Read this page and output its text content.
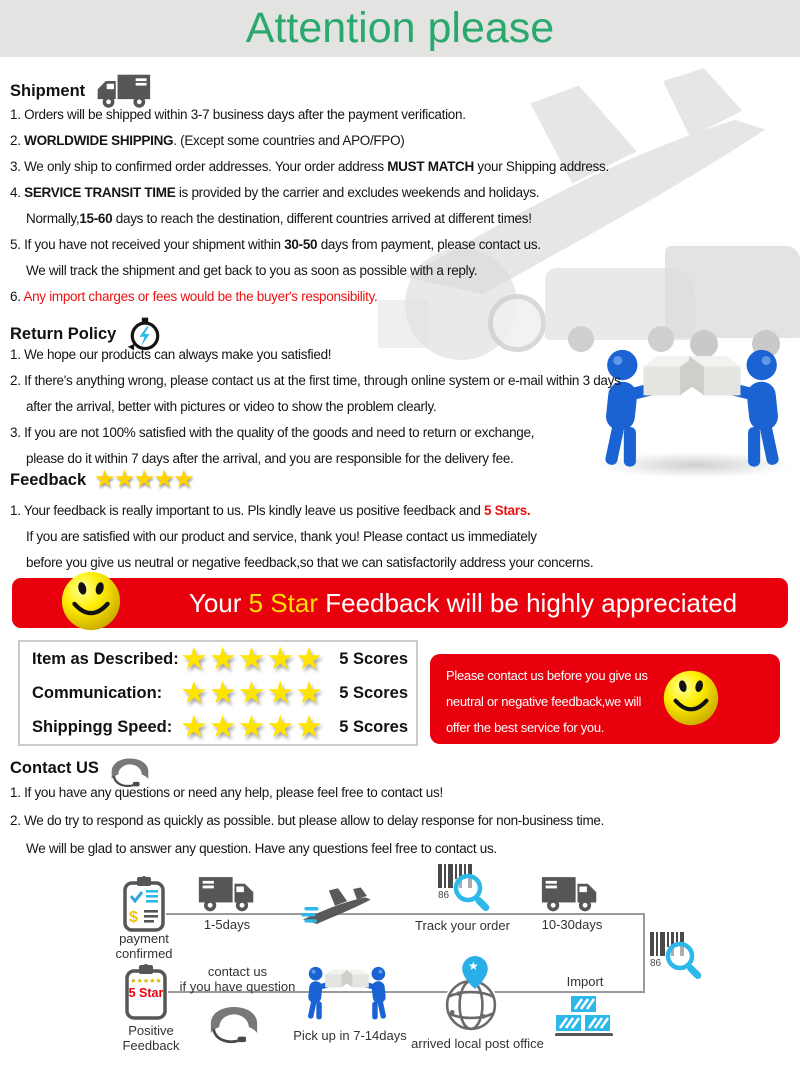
Attention please
Shipment
1. Orders will be shipped within 3-7 business days after the payment verification.
2. WORLDWIDE SHIPPING. (Except some countries and APO/FPO)
3. We only ship to confirmed order addresses. Your order address MUST MATCH your Shipping address.
4. SERVICE TRANSIT TIME is provided by the carrier and excludes weekends and holidays.
Normally,15-60 days to reach the destination, different countries arrived at different times!
5. If you have not received your shipment within 30-50 days from payment, please contact us.
We will track the shipment and get back to you as soon as possible with a reply.
6. Any import charges or fees would be the buyer's responsibility.
Return Policy
1. We hope our products can always make you satisfied!
2. If there's anything wrong, please contact us at the first time, through online system or e-mail within 3 days
after the arrival, better with pictures or video to show the problem clearly.
3. If you are not 100% satisfied with the quality of the goods and need to return or exchange,
please do it within 7 days after the arrival, and you are responsible for the delivery fee.
Feedback ★★★★★
1. Your feedback is really important to us. Pls kindly leave us positive feedback and 5 Stars.
If you are satisfied with our product and service, thank you! Please contact us immediately
before you give us neutral or negative feedback,so that we can satisfactorily address your concerns.
Your 5 Star Feedback will be highly appreciated
Item as Described: ★★★★★ 5 Scores
Communication: ★★★★★ 5 Scores
Shippingg Speed: ★★★★★ 5 Scores
Please contact us before you give us
neutral or negative feedback,we will
offer the best service for you.
Contact US
1. If you have any questions or need any help, please feel free to contact us!
2. We do try to respond as quickly as possible. but please allow to delay response for non-business time.
We will be glad to answer any question. Have any questions feel free to contact us.
$
payment
confirmed
1-5days
86
Track your order	10-30days
86
★★★★★
5 Star
Positive
Feedback
contact us
if you have question
Pick up in 7-14days
★
arrived local post office
Import
